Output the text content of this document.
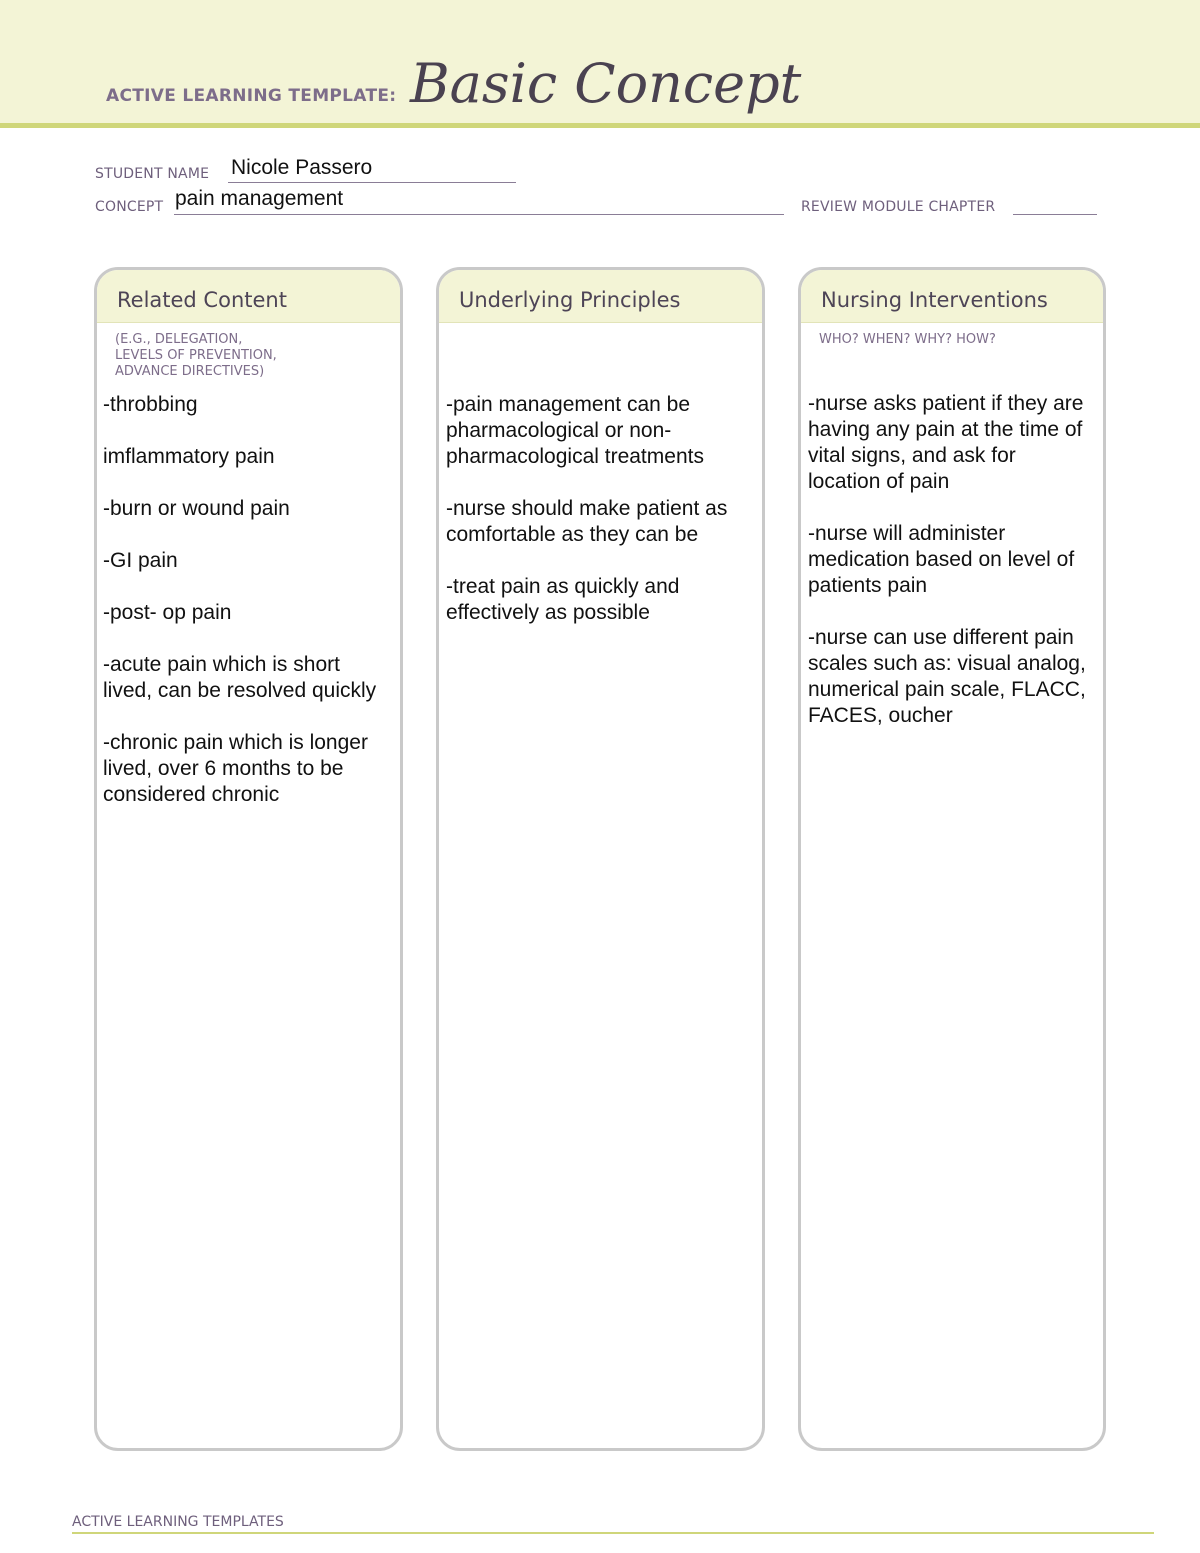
ACTIVE LEARNING TEMPLATE: Basic Concept
STUDENT NAME Nicole Passero
CONCEPT pain management	REVIEW MODULE CHAPTER
Related Content
(E.G., DELEGATION,
LEVELS OF PREVENTION,
ADVANCE DIRECTIVES)

-throbbing

imflammatory pain

-burn or wound pain

-GI pain

-post- op pain

-acute pain which is short lived, can be resolved quickly

-chronic pain which is longer lived, over 6 months to be considered chronic

Underlying Principles

-pain management can be pharmacological or non-pharmacological treatments

-nurse should make patient as comfortable as they can be

-treat pain as quickly and effectively as possible

Nursing Interventions
WHO? WHEN? WHY? HOW?

-nurse asks patient if they are having any pain at the time of vital signs, and ask for location of pain

-nurse will administer medication based on level of patients pain

-nurse can use different pain scales such as: visual analog, numerical pain scale, FLACC, FACES, oucher

ACTIVE LEARNING TEMPLATES
